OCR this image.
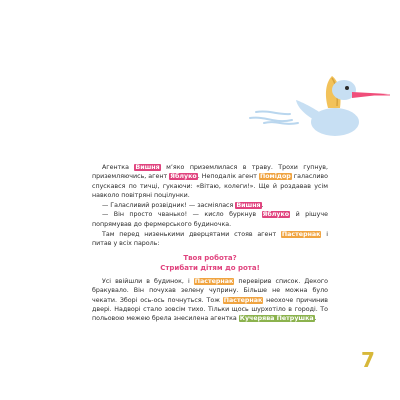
Агентка Вишня м’яко приземлилася в траву. Трохи гупнув, приземляючись, агент Яблуко. Неподалік агент Помідор галасливо спускався по тичці, гукаючи: «Вітаю, колеги!». Ще й роздавав усім навколо повітряні поцілунки.

— Галасливий розвідник! — засміялася Вишня.

— Він просто чванько! — кисло буркнув Яблуко й рішуче попрямував до фермерського будиночка.

Там перед низенькими дверцятами стояв агент Пастернак і питав у всіх пароль:

Твоя робота?
Стрибати дітям до рота!

Усі ввійшли в будинок, і Пастернак перевірив список. Декого бракувало. Він почухав зелену чуприну. Більше не можна було чекати. Зборі ось-ось почнуться. Тож Пастернак неохоче причинив двері. Надворі стало зовсім тихо. Тільки щось шурхотіло в городі. То польовою межею брела знесилена агентка Кучерява Петрушка.

7
